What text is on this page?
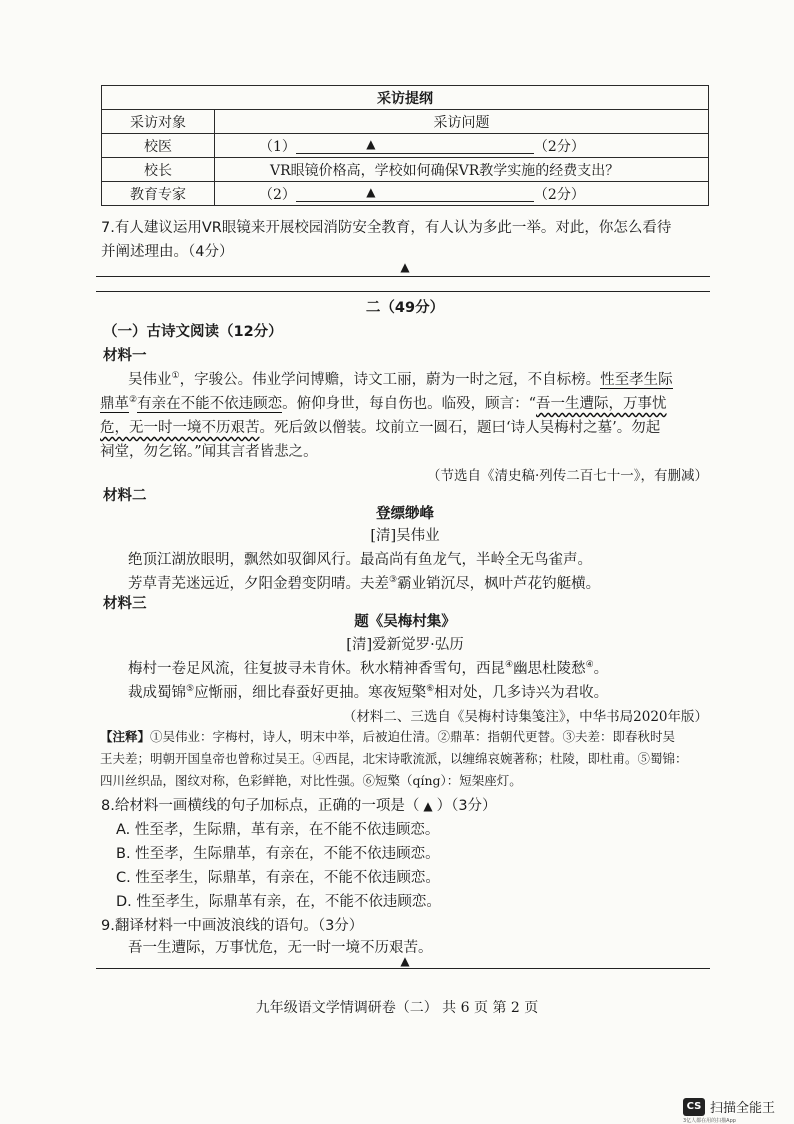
采访提纲	
采访对象	采访问题
校医	（1） ▲ （2分）
校长	VR眼镜价格高，学校如何确保VR教学实施的经费支出？
教育专家	（2） ▲ （2分）
7.有人建议运用VR眼镜来开展校园消防安全教育，有人认为多此一举。对此，你怎么看待
并阐述理由。（4分）
▲
二（49分）
（一）古诗文阅读（12分）
材料一
吴伟业①，字骏公。伟业学问博赡，诗文工丽，蔚为一时之冠，不自标榜。性至孝生际
鼎革②有亲在不能不依违顾恋。俯仰身世，每自伤也。临殁，顾言：“吾一生遭际，万事忧
危，无一时一境不历艰苦。死后敛以僧装。坟前立一圆石，题曰‘诗人吴梅村之墓’。勿起
祠堂，勿乞铭。”闻其言者皆悲之。
（节选自《清史稿·列传二百七十一》，有删减）
材料二
登缥缈峰
[清]吴伟业
绝顶江湖放眼明，飘然如驭御风行。最高尚有鱼龙气，半岭全无鸟雀声。
芳草青芜迷远近，夕阳金碧变阴晴。夫差③霸业销沉尽，枫叶芦花钓艇横。
材料三
题《吴梅村集》
[清]爱新觉罗·弘历
梅村一卷足风流，往复披寻未肯休。秋水精神香雪句，西昆④幽思杜陵愁④。
裁成蜀锦⑤应惭丽，细比春蚕好更抽。寒夜短檠⑥相对处，几多诗兴为君收。
（材料二、三选自《吴梅村诗集笺注》，中华书局2020年版）
【注释】①吴伟业：字梅村，诗人，明末中举，后被迫仕清。②鼎革：指朝代更替。③夫差：即春秋时吴
王夫差；明朝开国皇帝也曾称过吴王。④西昆，北宋诗歌流派，以缠绵哀婉著称；杜陵，即杜甫。⑤蜀锦：
四川丝织品，图纹对称，色彩鲜艳，对比性强。⑥短檠（qíng）：短架座灯。
8.给材料一画横线的句子加标点，正确的一项是（ ▲ ）（3分）
A. 性至孝，生际鼎，革有亲，在不能不依违顾恋。
B. 性至孝，生际鼎革，有亲在，不能不依违顾恋。
C. 性至孝生，际鼎革，有亲在，不能不依违顾恋。
D. 性至孝生，际鼎革有亲，在，不能不依违顾恋。
9.翻译材料一中画波浪线的语句。（3分）
吾一生遭际，万事忧危，无一时一境不历艰苦。
▲
九年级语文学情调研卷（二） 共 6 页 第 2 页
CS 扫描全能王
3亿人都在用的扫描App
